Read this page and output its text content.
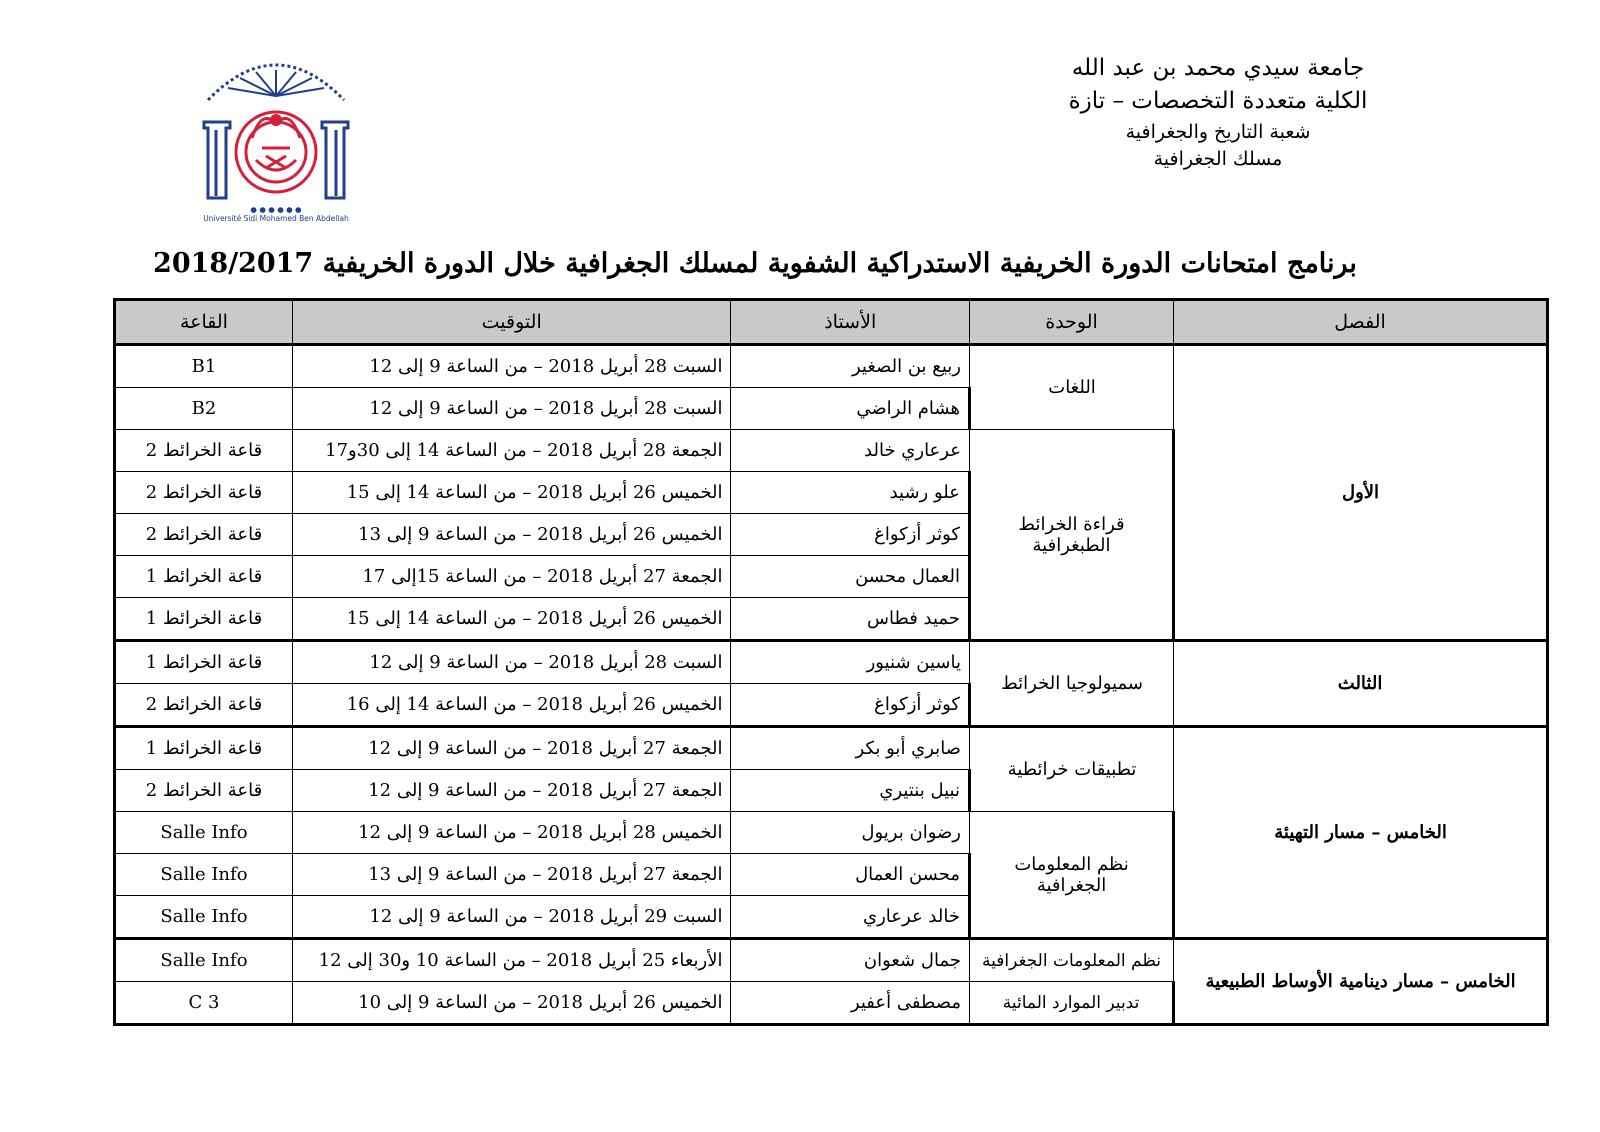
جامعة سيدي محمد بن عبد الله
الكلية متعددة التخصصات – تازة
شعبة التاريخ والجغرافية
مسلك الجغرافية
● ● ● ● ● ●
Université Sidi Mohamed Ben Abdellah
برنامج امتحانات الدورة الخريفية الاستدراكية الشفوية لمسلك الجغرافية خلال الدورة الخريفية 2018/2017
الفصل	الوحدة	الأستاذ	التوقيت	القاعة
الأول	اللغات	ربيع بن الصغير	السبت 28 أبريل 2018 – من الساعة 9 إلى 12	B1
		هشام الراضي	السبت 28 أبريل 2018 – من الساعة 9 إلى 12	B2
	قراءة الخرائط الطبغرافية	عرعاري خالد	الجمعة 28 أبريل 2018 – من الساعة 14 إلى 30و17	قاعة الخرائط 2
		علو رشيد	الخميس 26 أبريل 2018 – من الساعة 14 إلى 15	قاعة الخرائط 2
		كوثر أزكواغ	الخميس 26 أبريل 2018 – من الساعة 9 إلى 13	قاعة الخرائط 2
		العمال محسن	الجمعة 27 أبريل 2018 – من الساعة 15إلى 17	قاعة الخرائط 1
		حميد فطاس	الخميس 26 أبريل 2018 – من الساعة 14 إلى 15	قاعة الخرائط 1
الثالث	سميولوجيا الخرائط	ياسين شنيور	السبت 28 أبريل 2018 – من الساعة 9 إلى 12	قاعة الخرائط 1
		كوثر أزكواغ	الخميس 26 أبريل 2018 – من الساعة 14 إلى 16	قاعة الخرائط 2
الخامس – مسار التهيئة	تطبيقات خرائطية	صابري أبو بكر	الجمعة 27 أبريل 2018 – من الساعة 9 إلى 12	قاعة الخرائط 1
		نبيل بنتيري	الجمعة 27 أبريل 2018 – من الساعة 9 إلى 12	قاعة الخرائط 2
	نظم المعلومات الجغرافية	رضوان بريول	الخميس 28 أبريل 2018 – من الساعة 9 إلى 12	Salle Info
		محسن العمال	الجمعة 27 أبريل 2018 – من الساعة 9 إلى 13	Salle Info
		خالد عرعاري	السبت 29 أبريل 2018 – من الساعة 9 إلى 12	Salle Info
الخامس – مسار دينامية الأوساط الطبيعية	نظم المعلومات الجغرافية	جمال شعوان	الأربعاء 25 أبريل 2018 – من الساعة 10 و30 إلى 12	Salle Info
	تدبير الموارد المائية	مصطفى أعفير	الخميس 26 أبريل 2018 – من الساعة 9 إلى 10	C 3
